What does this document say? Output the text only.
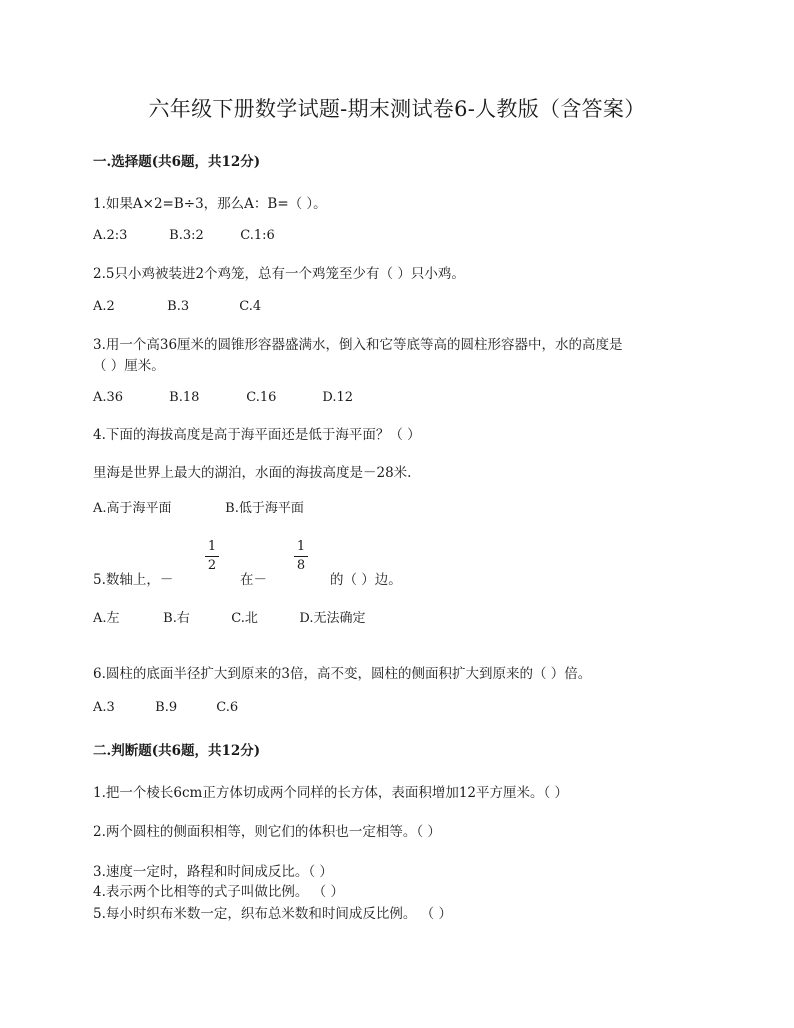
六年级下册数学试题-期末测试卷6-人教版（含答案）
一.选择题(共6题，共12分)
1.如果A×2=B÷3，那么A：B=（ ）。
A.2:3	B.3:2	C.1:6
2.5只小鸡被装进2个鸡笼，总有一个鸡笼至少有（ ）只小鸡。
A.2	B.3	C.4
3.用一个高36厘米的圆锥形容器盛满水，倒入和它等底等高的圆柱形容器中，水的高度是
（ ）厘米。
A.36	B.18	C.16	D.12
4.下面的海拔高度是高于海平面还是低于海平面？（ ）
里海是世界上最大的湖泊，水面的海拔高度是－28米.
A.高于海平面	B.低于海平面
5.数轴上，－
1
2
在－
1
8
的（ ）边。
A.左	B.右	C.北	D.无法确定
6.圆柱的底面半径扩大到原来的3倍，高不变，圆柱的侧面积扩大到原来的（ ）倍。
A.3	B.9	C.6
二.判断题(共6题，共12分)
1.把一个棱长6cm正方体切成两个同样的长方体，表面积增加12平方厘米。（ ）
2.两个圆柱的侧面积相等，则它们的体积也一定相等。（ ）
3.速度一定时，路程和时间成反比。（ ）
4.表示两个比相等的式子叫做比例。 （ ）
5.每小时织布米数一定，织布总米数和时间成反比例。 （ ）
